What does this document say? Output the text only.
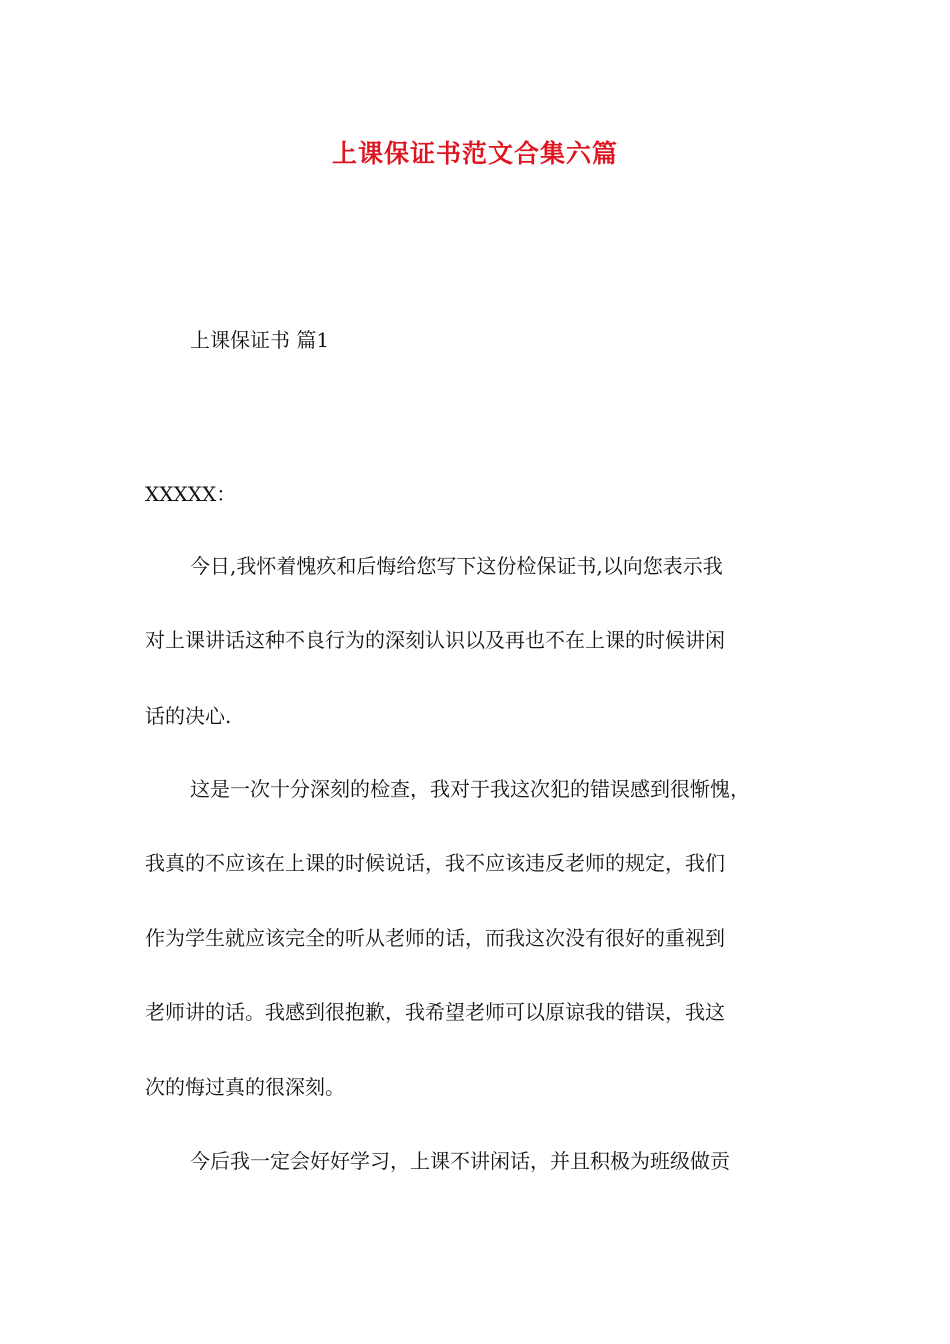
上课保证书范文合集六篇
上课保证书 篇1
XXXXX：
今日,我怀着愧疚和后悔给您写下这份检保证书,以向您表示我
对上课讲话这种不良行为的深刻认识以及再也不在上课的时候讲闲
话的决心.
这是一次十分深刻的检查，我对于我这次犯的错误感到很惭愧，
我真的不应该在上课的时候说话，我不应该违反老师的规定，我们
作为学生就应该完全的听从老师的话，而我这次没有很好的重视到
老师讲的话。我感到很抱歉，我希望老师可以原谅我的错误，我这
次的悔过真的很深刻。
今后我一定会好好学习，上课不讲闲话，并且积极为班级做贡
